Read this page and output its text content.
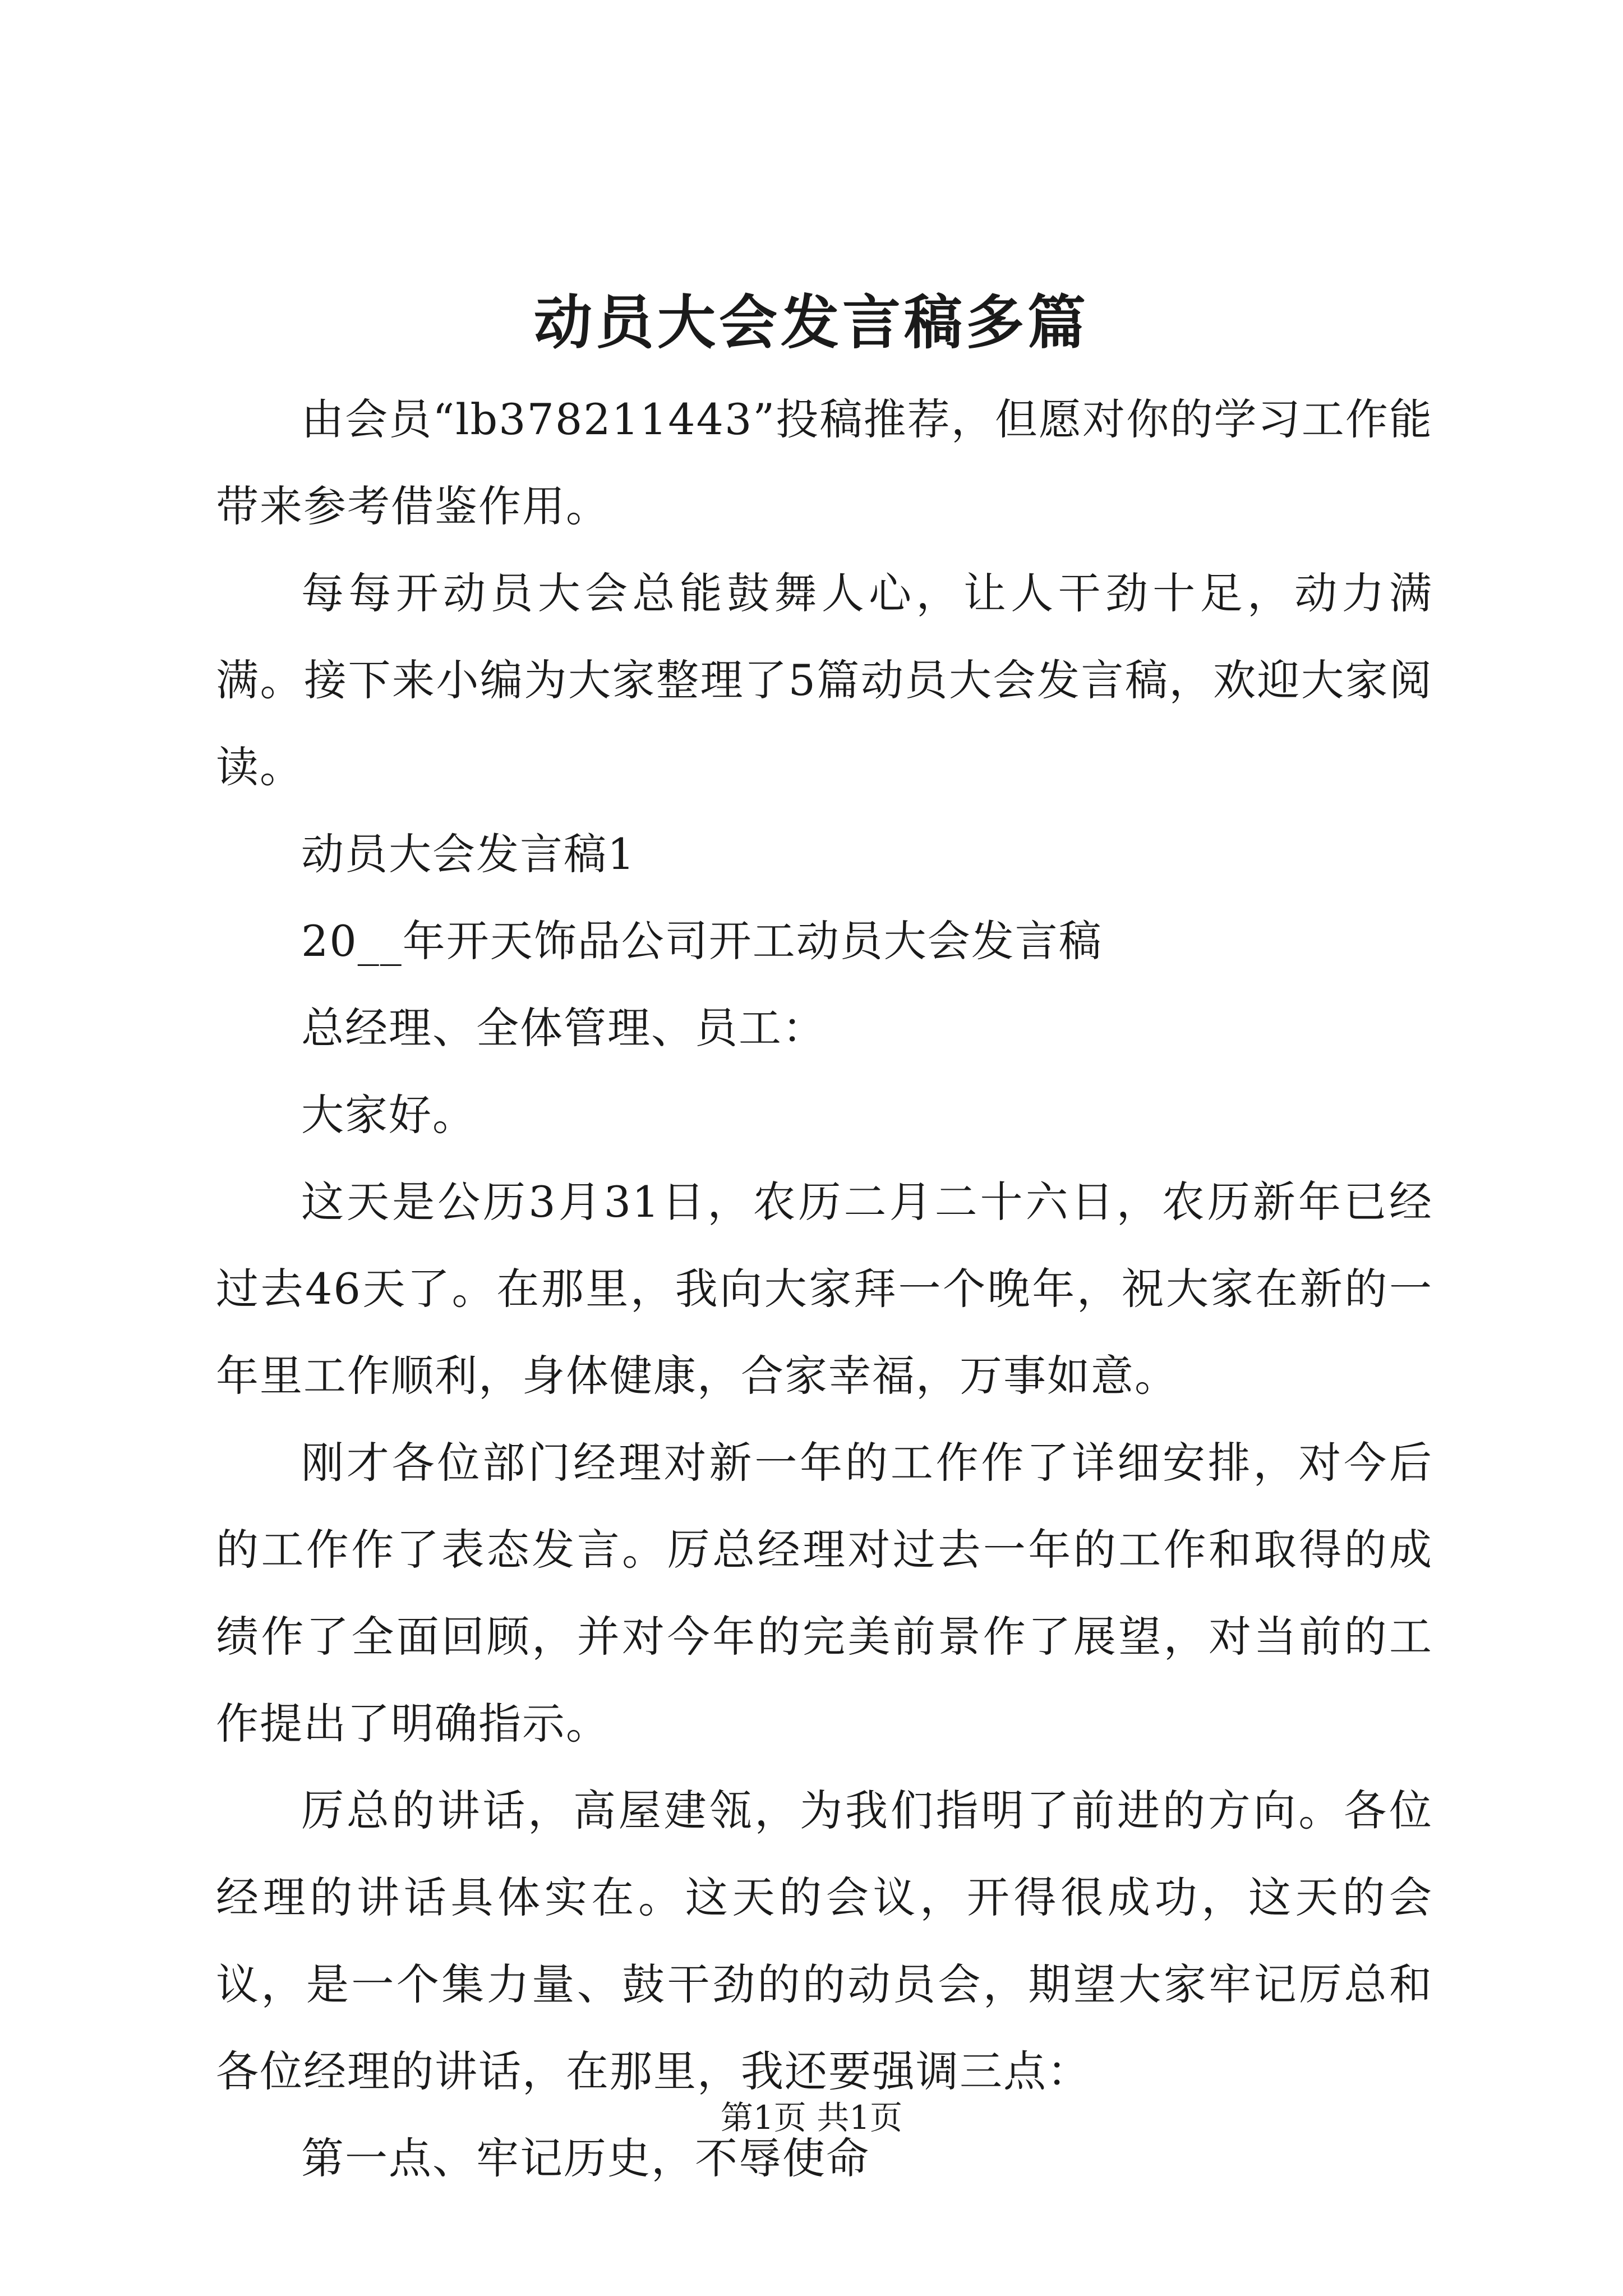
动员大会发言稿多篇

由会员“lb378211443”投稿推荐，但愿对你的学习工作能带来参考借鉴作用。

每每开动员大会总能鼓舞人心，让人干劲十足，动力满满。接下来小编为大家整理了5篇动员大会发言稿，欢迎大家阅读。

动员大会发言稿1

20__年开天饰品公司开工动员大会发言稿

总经理、全体管理、员工：

大家好。

这天是公历3月31日，农历二月二十六日，农历新年已经过去46天了。在那里，我向大家拜一个晚年，祝大家在新的一年里工作顺利，身体健康，合家幸福，万事如意。

刚才各位部门经理对新一年的工作作了详细安排，对今后的工作作了表态发言。厉总经理对过去一年的工作和取得的成绩作了全面回顾，并对今年的完美前景作了展望，对当前的工作提出了明确指示。

厉总的讲话，高屋建瓴，为我们指明了前进的方向。各位经理的讲话具体实在。这天的会议，开得很成功，这天的会议，是一个集力量、鼓干劲的的动员会，期望大家牢记厉总和各位经理的讲话，在那里，我还要强调三点：

第一点、牢记历史，不辱使命

第1页 共1页
